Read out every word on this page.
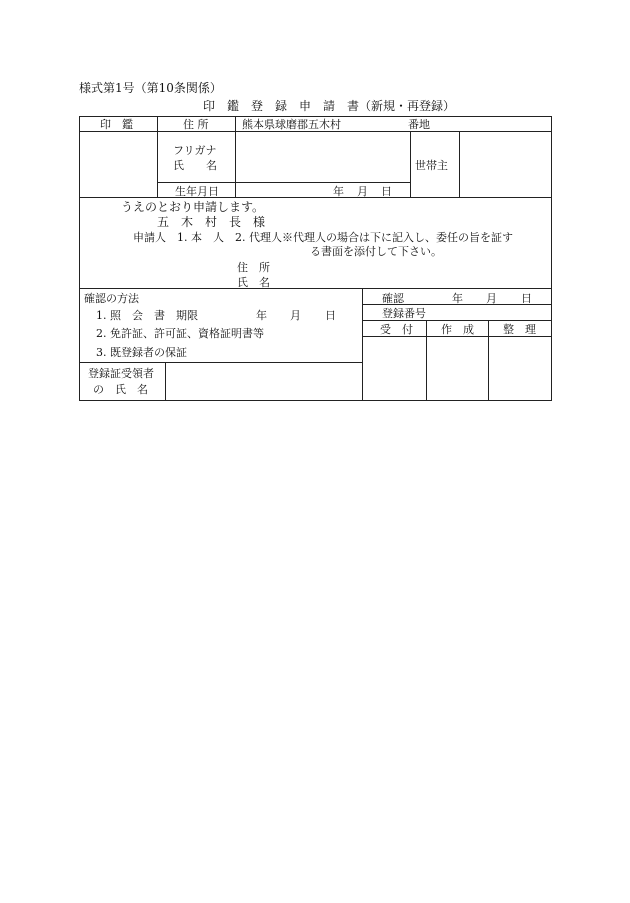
様式第1号（第10条関係）
印　鑑　登　録　申　請　書（新規・再登録）
印　鑑	住 所	熊本県球磨郡五木村	番地
フリガナ
氏　　名	世帯主
生年月日	年 月 日
うえのとおり申請します。
五　木　村　長　様
申請人　1. 本　人　2. 代理人※代理人の場合は下に記入し、委任の旨を証す
る書面を添付して下さい。
住　所
氏　名
確認の方法
1. 照　会　書　期限	年 月 日
2. 免許証、許可証、資格証明書等
3. 既登録者の保証
登録証受領者
の　氏　名
確認	年 月 日
登録番号
受　付	作　成	整　理
